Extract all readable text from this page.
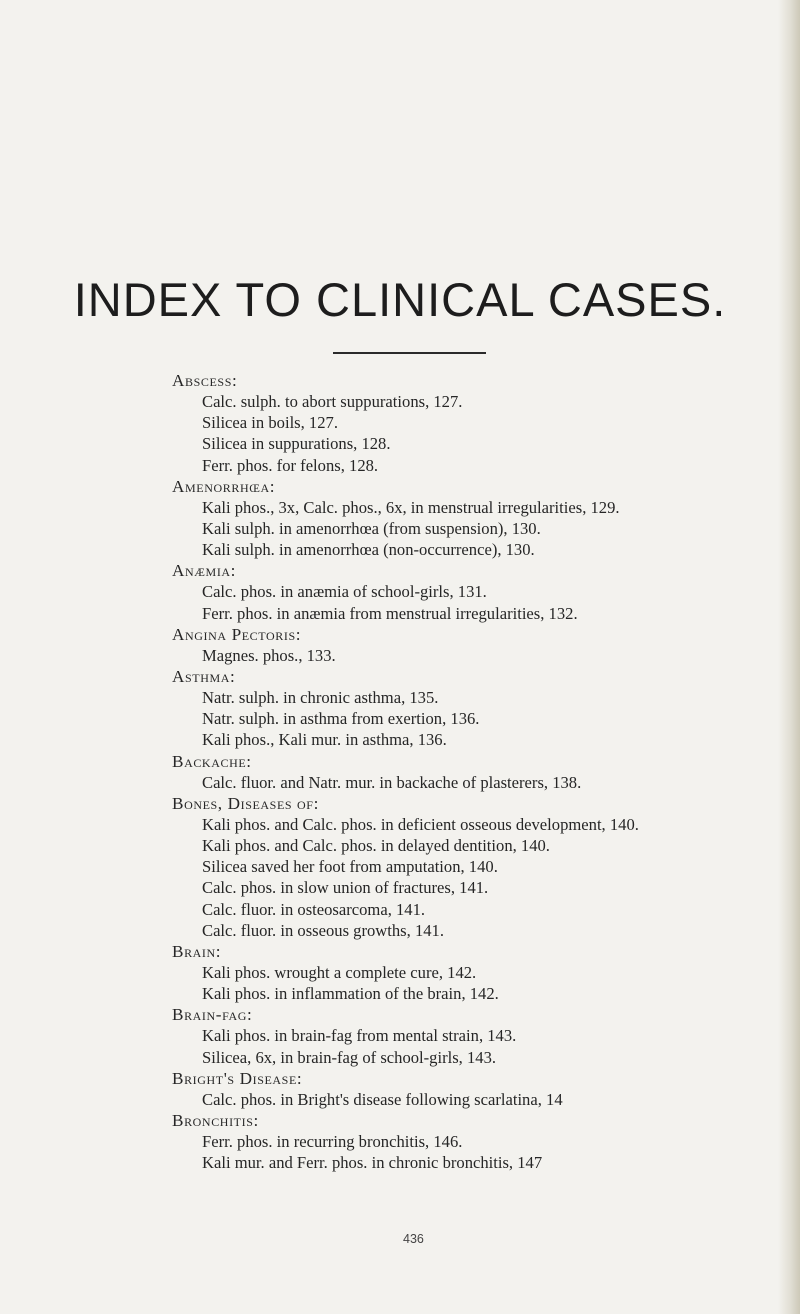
INDEX TO CLINICAL CASES.
Abscess:
Calc. sulph. to abort suppurations, 127.
Silicea in boils, 127.
Silicea in suppurations, 128.
Ferr. phos. for felons, 128.
Amenorrhœa:
Kali phos., 3x, Calc. phos., 6x, in menstrual irregularities, 129.
Kali sulph. in amenorrhœa (from suspension), 130.
Kali sulph. in amenorrhœa (non-occurrence), 130.
Anæmia:
Calc. phos. in anæmia of school-girls, 131.
Ferr. phos. in anæmia from menstrual irregularities, 132.
Angina Pectoris:
Magnes. phos., 133.
Asthma:
Natr. sulph. in chronic asthma, 135.
Natr. sulph. in asthma from exertion, 136.
Kali phos., Kali mur. in asthma, 136.
Backache:
Calc. fluor. and Natr. mur. in backache of plasterers, 138.
Bones, Diseases of:
Kali phos. and Calc. phos. in deficient osseous development, 140.
Kali phos. and Calc. phos. in delayed dentition, 140.
Silicea saved her foot from amputation, 140.
Calc. phos. in slow union of fractures, 141.
Calc. fluor. in osteosarcoma, 141.
Calc. fluor. in osseous growths, 141.
Brain:
Kali phos. wrought a complete cure, 142.
Kali phos. in inflammation of the brain, 142.
Brain-fag:
Kali phos. in brain-fag from mental strain, 143.
Silicea, 6x, in brain-fag of school-girls, 143.
Bright's Disease:
Calc. phos. in Bright's disease following scarlatina, 14
Bronchitis:
Ferr. phos. in recurring bronchitis, 146.
Kali mur. and Ferr. phos. in chronic bronchitis, 147
436
